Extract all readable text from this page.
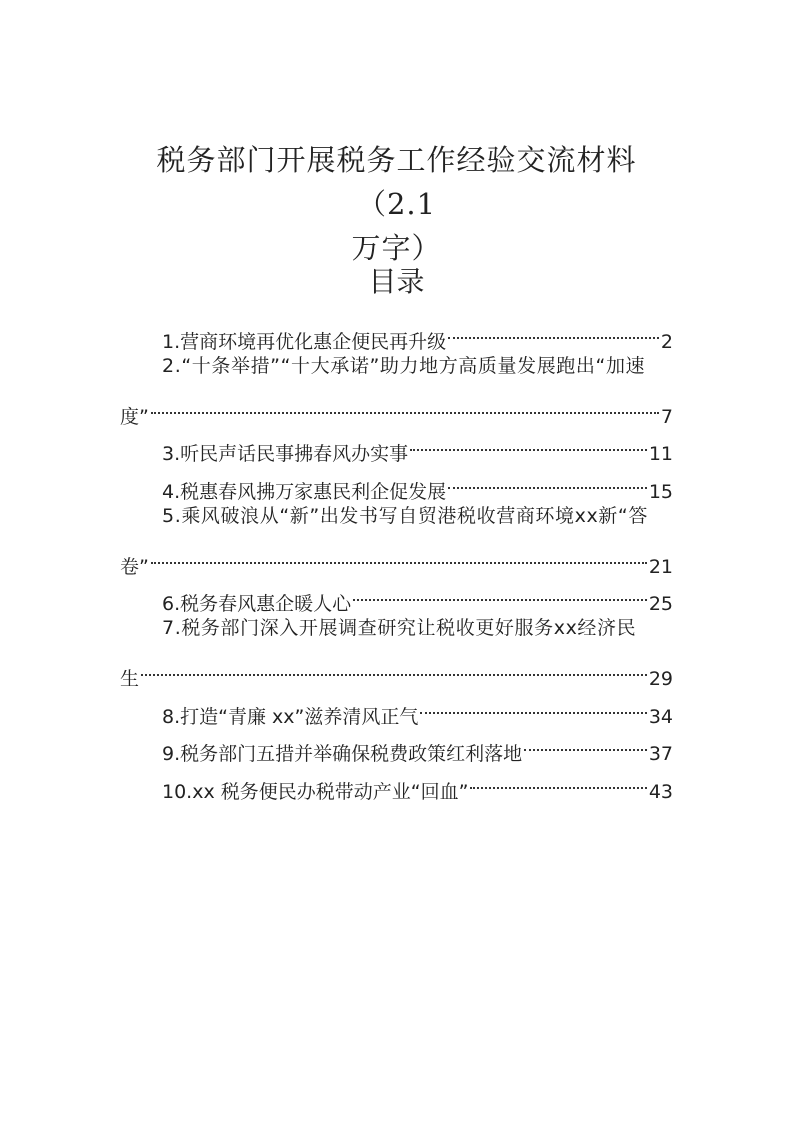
税务部门开展税务工作经验交流材料（2.1
万字）
目录
1.营商环境再优化惠企便民再升级	2
2.“十条举措”“十大承诺”助力地方高质量发展跑出“加速
度”	7
3.听民声话民事拂春风办实事	11
4.税惠春风拂万家惠民利企促发展	15
5.乘风破浪从“新”出发书写自贸港税收营商环境xx新“答
卷”	21
6.税务春风惠企暖人心	25
7.税务部门深入开展调查研究让税收更好服务xx经济民
生	29
8.打造“青廉 xx”滋养清风正气	34
9.税务部门五措并举确保税费政策红利落地	37
10.xx 税务便民办税带动产业“回血”	43
